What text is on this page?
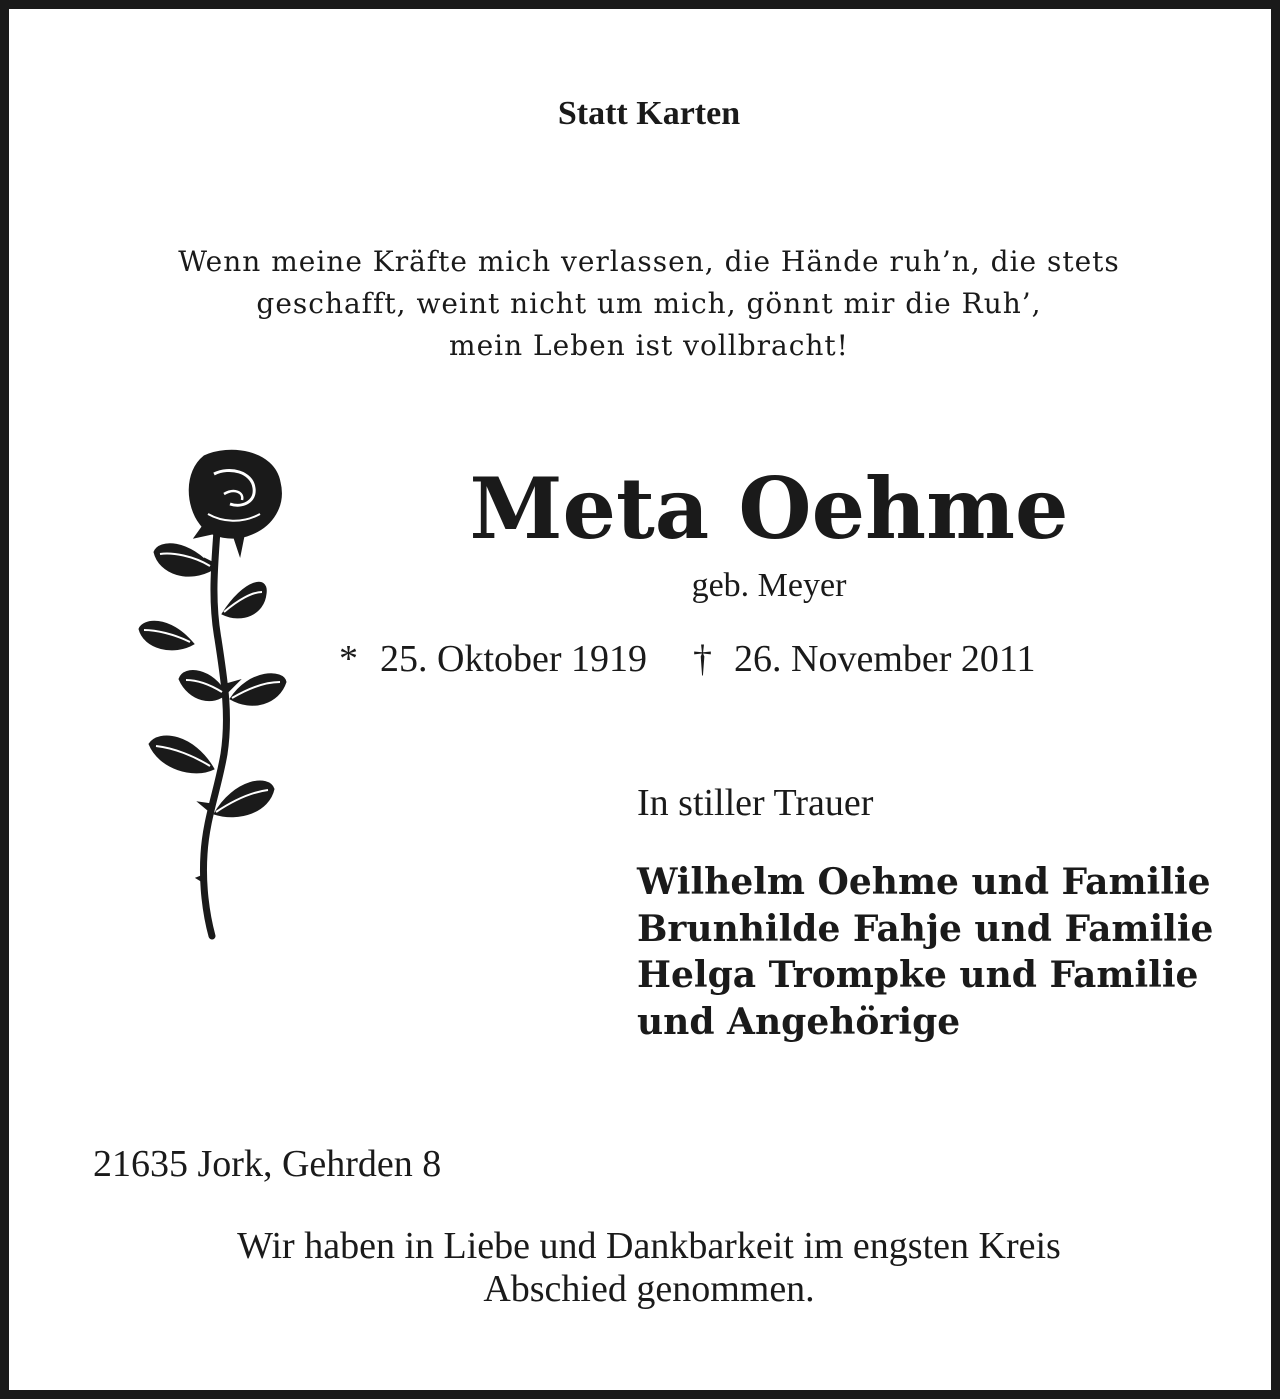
Statt Karten
Wenn meine Kräfte mich verlassen, die Hände ruh’n, die stets
geschafft, weint nicht um mich, gönnt mir die Ruh’,
mein Leben ist vollbracht!
Meta Oehme
geb. Meyer
* 25. Oktober 1919 † 26. November 2011
In stiller Trauer
Wilhelm Oehme und Familie
Brunhilde Fahje und Familie
Helga Trompke und Familie
und Angehörige
21635 Jork, Gehrden 8
Wir haben in Liebe und Dankbarkeit im engsten Kreis
Abschied genommen.
